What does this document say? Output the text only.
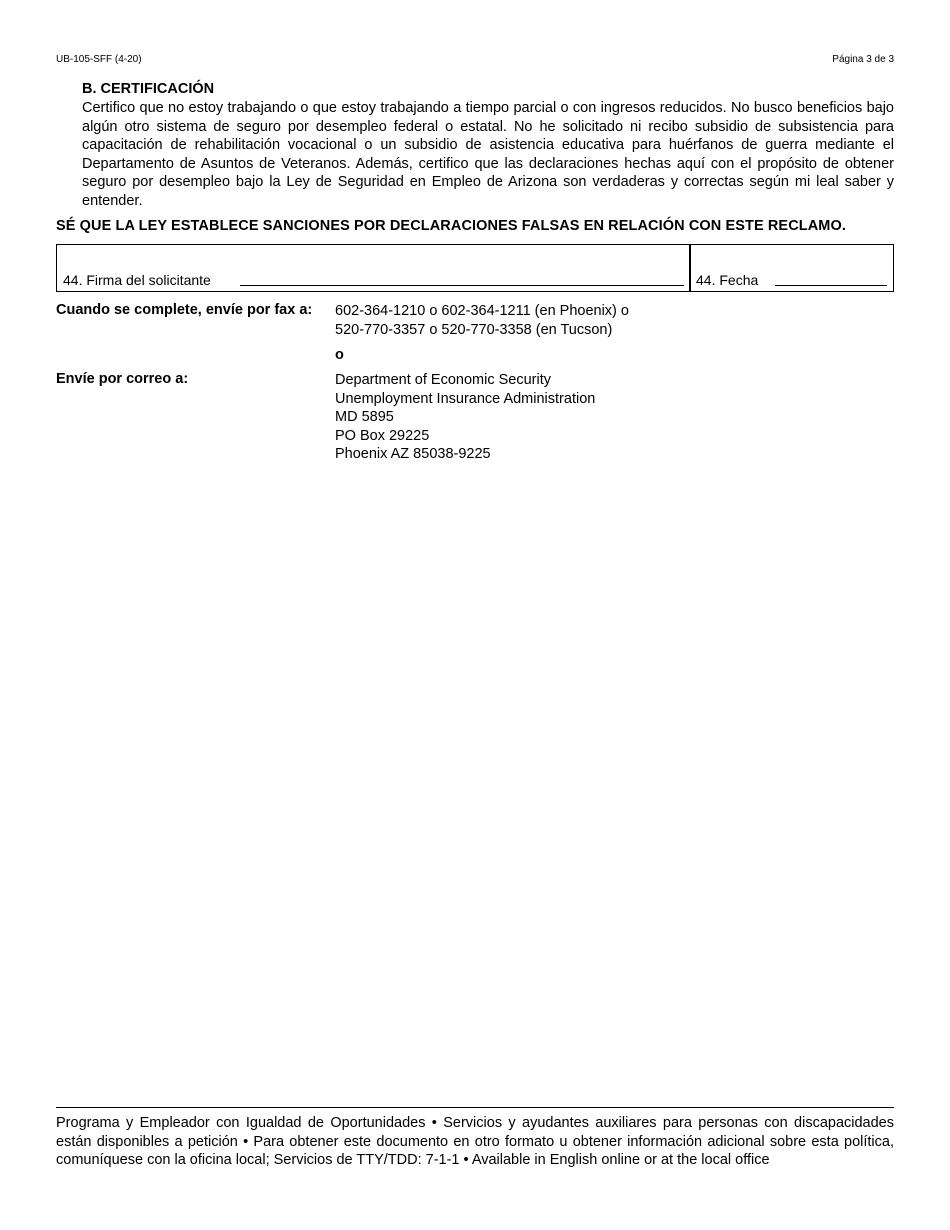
UB-105-SFF (4-20)	Página 3 de 3
B. CERTIFICACIÓN
Certifico que no estoy trabajando o que estoy trabajando a tiempo parcial o con ingresos reducidos. No busco beneficios bajo algún otro sistema de seguro por desempleo federal o estatal. No he solicitado ni recibo subsidio de subsistencia para capacitación de rehabilitación vocacional o un subsidio de asistencia educativa para huérfanos de guerra mediante el Departamento de Asuntos de Veteranos. Además, certifico que las declaraciones hechas aquí con el propósito de obtener seguro por desempleo bajo la Ley de Seguridad en Empleo de Arizona son verdaderas y correctas según mi leal saber y entender.
SÉ QUE LA LEY ESTABLECE SANCIONES POR DECLARACIONES FALSAS EN RELACIÓN CON ESTE RECLAMO.
44. Firma del solicitante	44. Fecha
Cuando se complete, envíe por fax a: 602-364-1210 o 602-364-1211 (en Phoenix) o
520-770-3357 o 520-770-3358 (en Tucson)
o
Envíe por correo a:	Department of Economic Security
Unemployment Insurance Administration
MD 5895
PO Box 29225
Phoenix AZ 85038-9225
Programa y Empleador con Igualdad de Oportunidades • Servicios y ayudantes auxiliares para personas con discapacidades están disponibles a petición • Para obtener este documento en otro formato u obtener información adicional sobre esta política, comuníquese con la oficina local; Servicios de TTY/TDD: 7-1-1 • Available in English online or at the local office
